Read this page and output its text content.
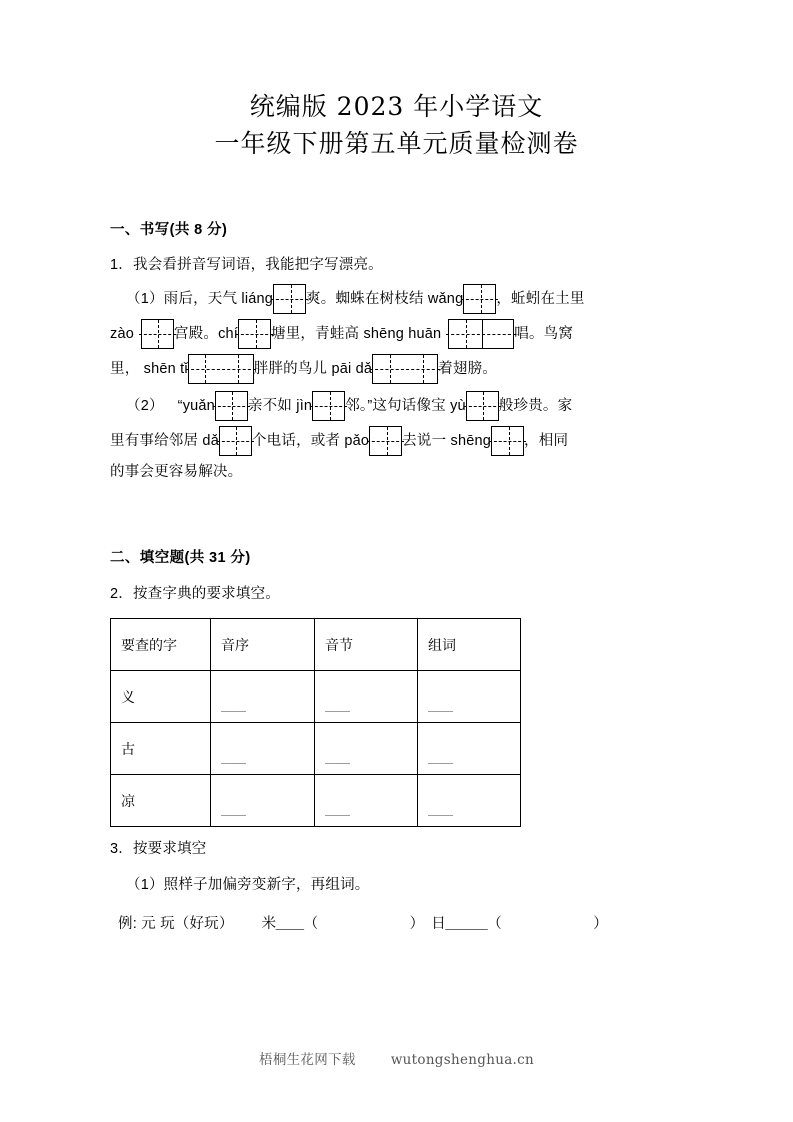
统编版 2023 年小学语文
一年级下册第五单元质量检测卷
一、书写(共 8 分)
1．我会看拼音写词语，我能把字写漂亮。
（1） 雨后，天气 liáng 爽。蜘蛛在树枝结 wǎng ，蚯蚓在土里
zào	宫殿。chí 塘里，青蛙高 shēng huān	唱。鸟窝
里， shēn tǐ	胖胖的鸟儿 pāi dǎ	着翅膀。
（2） “yuǎn 亲不如 jìn 邻。”这句话像宝 yù 般珍贵。家
里有事给邻居 dǎ 个电话，或者 pǎo 去说一 shēng ，相同
的事会更容易解决。
二、填空题(共 31 分)
2．按查字典的要求填空。
要查的字	音序	音节	组词
义	＿＿	＿＿	＿＿
古	＿＿	＿＿	＿＿
凉	＿＿	＿＿	＿＿
3．按要求填空
（1）照样子加偏旁变新字，再组词。
例: 元 玩（好玩） 米＿＿（	） 日＿＿＿（	）
梧桐生花网下载	wutongshenghua.cn
